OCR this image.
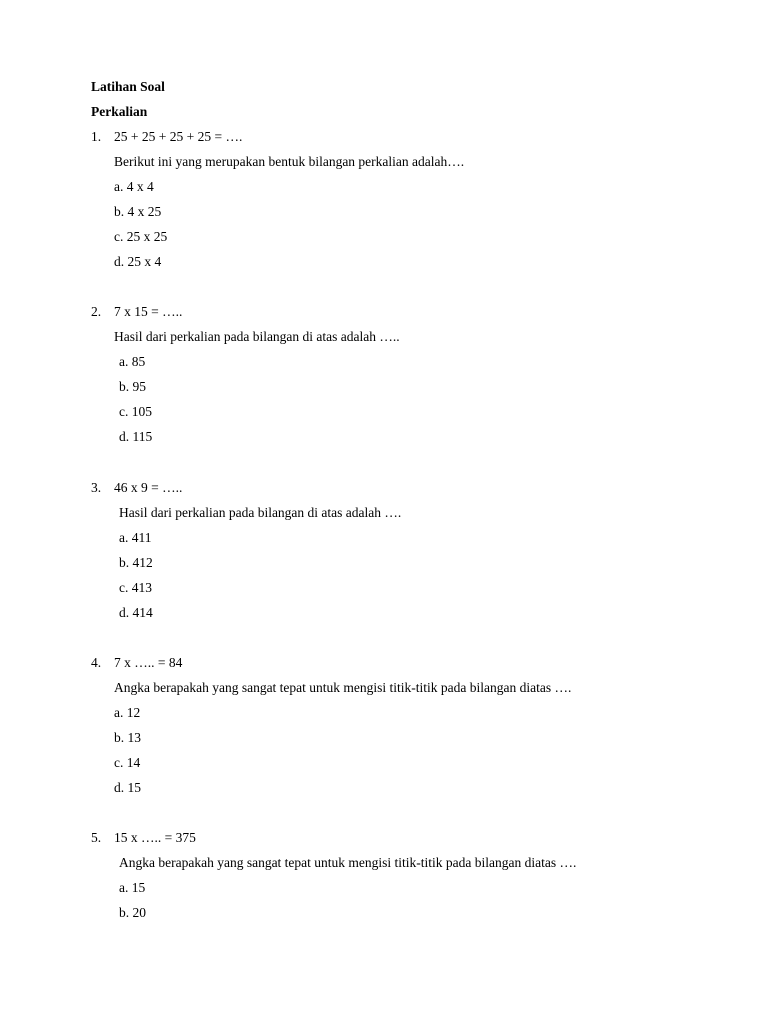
Latihan Soal
Perkalian
1. 25 + 25 + 25 + 25 = ….
Berikut ini yang merupakan bentuk bilangan perkalian adalah….
a. 4 x 4
b. 4 x 25
c. 25 x 25
d. 25 x 4
2. 7 x 15 = …..
Hasil dari perkalian pada bilangan di atas adalah …..
a. 85
b. 95
c. 105
d. 115
3. 46 x 9 = …..
Hasil dari perkalian pada bilangan di atas adalah ….
a. 411
b. 412
c. 413
d. 414
4. 7 x ….. = 84
Angka berapakah yang sangat tepat untuk mengisi titik-titik pada bilangan diatas ….
a. 12
b. 13
c. 14
d. 15
5. 15 x ….. = 375
Angka berapakah yang sangat tepat untuk mengisi titik-titik pada bilangan diatas ….
a. 15
b. 20
